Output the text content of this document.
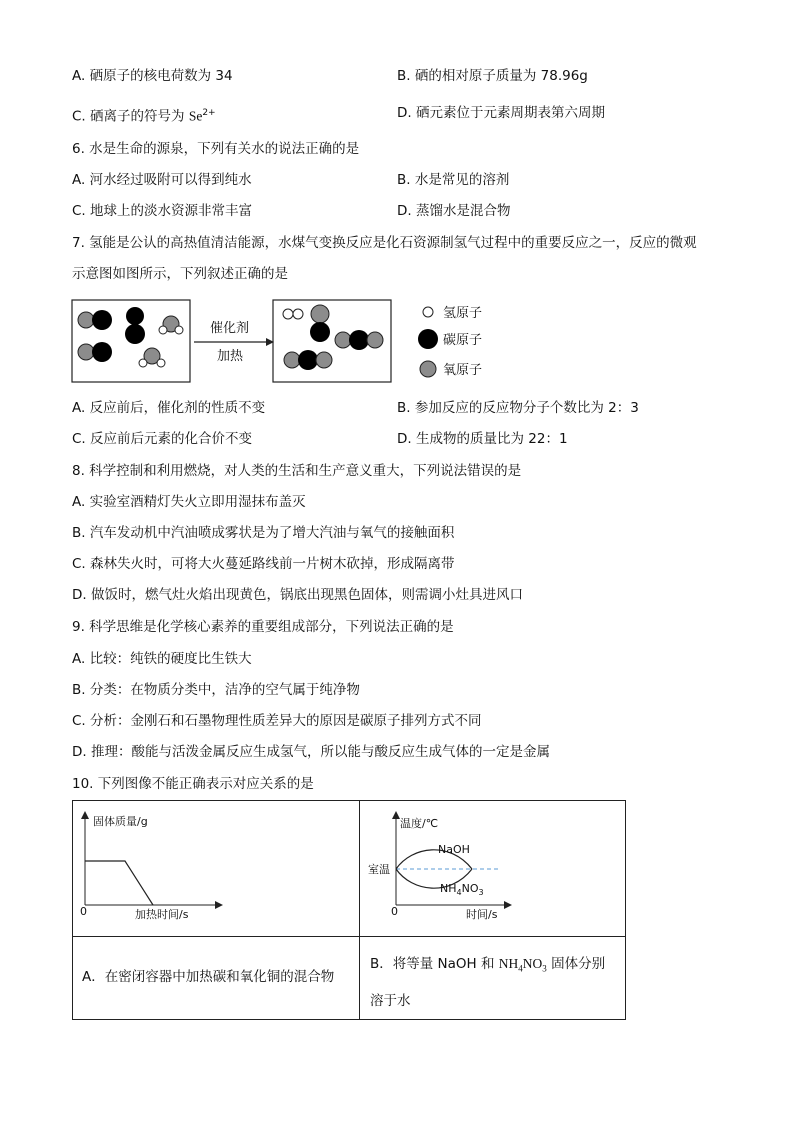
A. 硒原子的核电荷数为 34	B. 硒的相对原子质量为 78.96g
C. 硒离子的符号为 $Se^{2+}$	D. 硒元素位于元素周期表第六周期
6. 水是生命的源泉，下列有关水的说法正确的是
A. 河水经过吸附可以得到纯水	B. 水是常见的溶剂
C. 地球上的淡水资源非常丰富	D. 蒸馏水是混合物
7. 氢能是公认的高热值清洁能源，水煤气变换反应是化石资源制氢气过程中的重要反应之一，反应的微观
示意图如图所示，下列叙述正确的是
催化剂
加热
氢原子
碳原子
氧原子
A. 反应前后，催化剂的性质不变	B. 参加反应的反应物分子个数比为 2：3
C. 反应前后元素的化合价不变	D. 生成物的质量比为 22：1
8. 科学控制和利用燃烧，对人类的生活和生产意义重大，下列说法错误的是
A. 实验室酒精灯失火立即用湿抹布盖灭
B. 汽车发动机中汽油喷成雾状是为了增大汽油与氧气的接触面积
C. 森林失火时，可将大火蔓延路线前一片树木砍掉，形成隔离带
D. 做饭时，燃气灶火焰出现黄色，锅底出现黑色固体，则需调小灶具进风口
9. 科学思维是化学核心素养的重要组成部分，下列说法正确的是
A. 比较：纯铁的硬度比生铁大
B. 分类：在物质分类中，洁净的空气属于纯净物
C. 分析：金刚石和石墨物理性质差异大的原因是碳原子排列方式不同
D. 推理：酸能与活泼金属反应生成氢气，所以能与酸反应生成气体的一定是金属
10. 下列图像不能正确表示对应关系的是
固体质量/g
加热时间/s
0
温度/℃
时间/s
0
室温
NaOH
$NH_4NO_3$
A．在密闭容器中加热碳和氧化铜的混合物
B．将等量 NaOH 和 $NH_4NO_3$ 固体分别
溶于水
